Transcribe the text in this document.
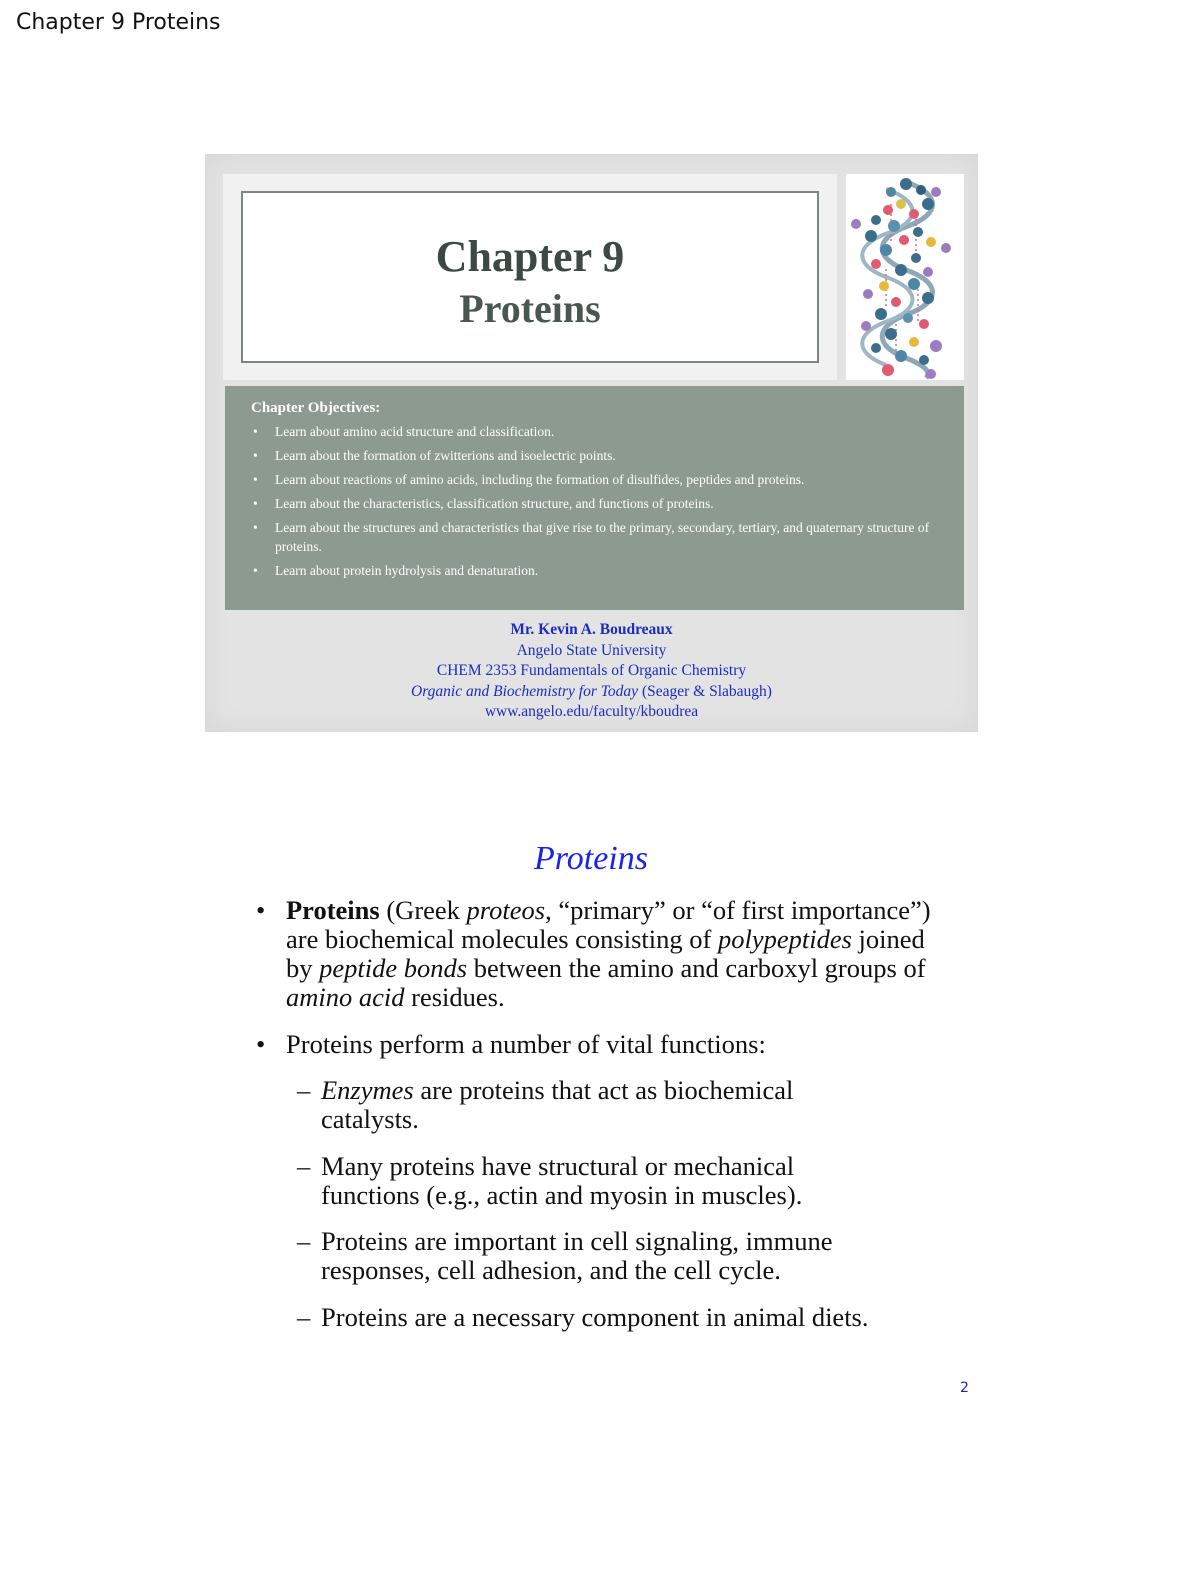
Chapter 9 Proteins
Chapter 9
Proteins
Chapter Objectives:
• Learn about amino acid structure and classification.
• Learn about the formation of zwitterions and isoelectric points.
• Learn about reactions of amino acids, including the formation of disulfides, peptides and proteins.
• Learn about the characteristics, classification structure, and functions of proteins.
• Learn about the structures and characteristics that give rise to the primary, secondary, tertiary, and quaternary structure of proteins.
• Learn about protein hydrolysis and denaturation.
Mr. Kevin A. Boudreaux
Angelo State University
CHEM 2353 Fundamentals of Organic Chemistry
Organic and Biochemistry for Today (Seager & Slabaugh)
www.angelo.edu/faculty/kboudrea
Proteins
• Proteins (Greek proteos, “primary” or “of first importance”) are biochemical molecules consisting of polypeptides joined by peptide bonds between the amino and carboxyl groups of amino acid residues.
• Proteins perform a number of vital functions:
– Enzymes are proteins that act as biochemical catalysts.
– Many proteins have structural or mechanical functions (e.g., actin and myosin in muscles).
– Proteins are important in cell signaling, immune responses, cell adhesion, and the cell cycle.
– Proteins are a necessary component in animal diets.
2
